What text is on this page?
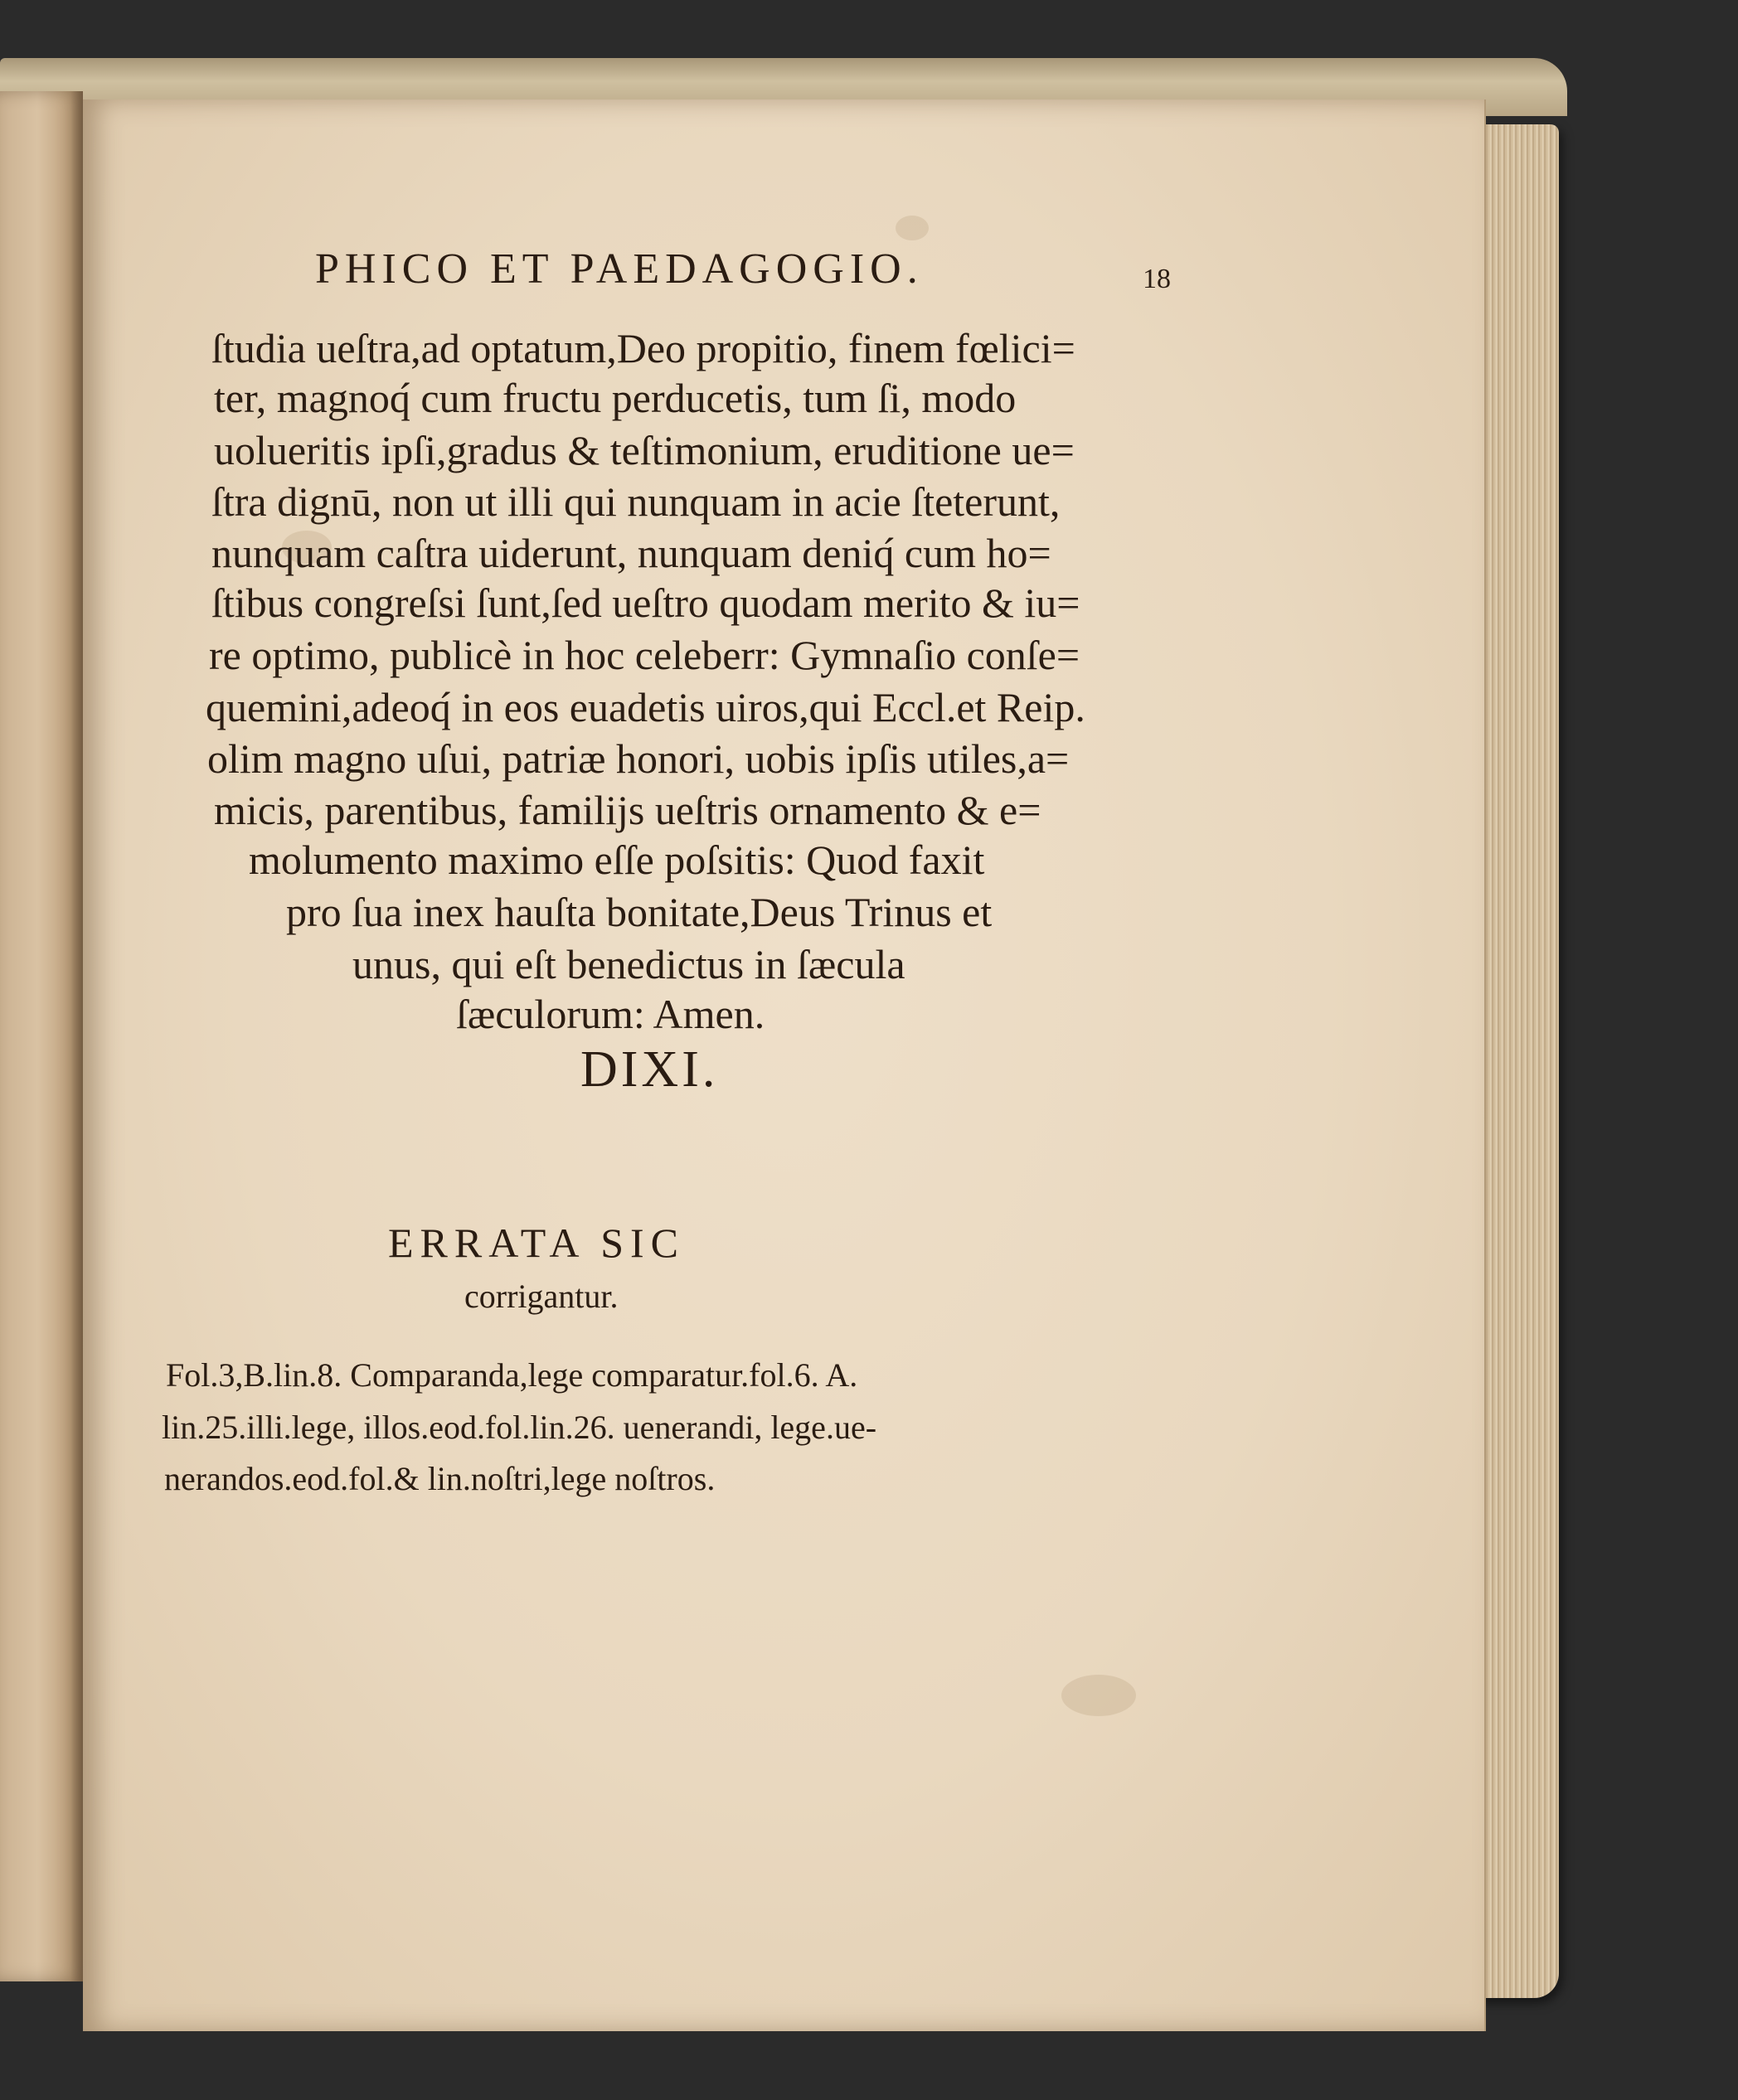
PHICO ET PAEDAGOGIO.	18
ſtudia ueſtra,ad optatum,Deo propitio, finem fœlici=
ter, magnoq́ cum fructu perducetis, tum ſi, modo
uolueritis ipſi,gradus & teſtimonium, eruditione ue=
ſtra dignū, non ut illi qui nunquam in acie ſteterunt,
nunquam caſtra uiderunt, nunquam deniq́ cum ho=
ſtibus congreſsi ſunt,ſed ueſtro quodam merito & iu=
re optimo, publicè in hoc celeberr: Gymnaſio conſe=
quemini,adeoq́ in eos euadetis uiros,qui Eccl.et Reip.
olim magno uſui, patriæ honori, uobis ipſis utiles,a=
micis, parentibus, familijs ueſtris ornamento & e=
molumento maximo eſſe poſsitis: Quod faxit
pro ſua inex hauſta bonitate,Deus Trinus et
unus, qui eſt benedictus in ſæcula
ſæculorum: Amen.
DIXI.
ERRATA SIC
corrigantur.
Fol.3,B.lin.8. Comparanda,lege comparatur.fol.6. A.
lin.25.illi.lege, illos.eod.fol.lin.26. uenerandi, lege.ue-
nerandos.eod.fol.& lin.noſtri,lege noſtros.
